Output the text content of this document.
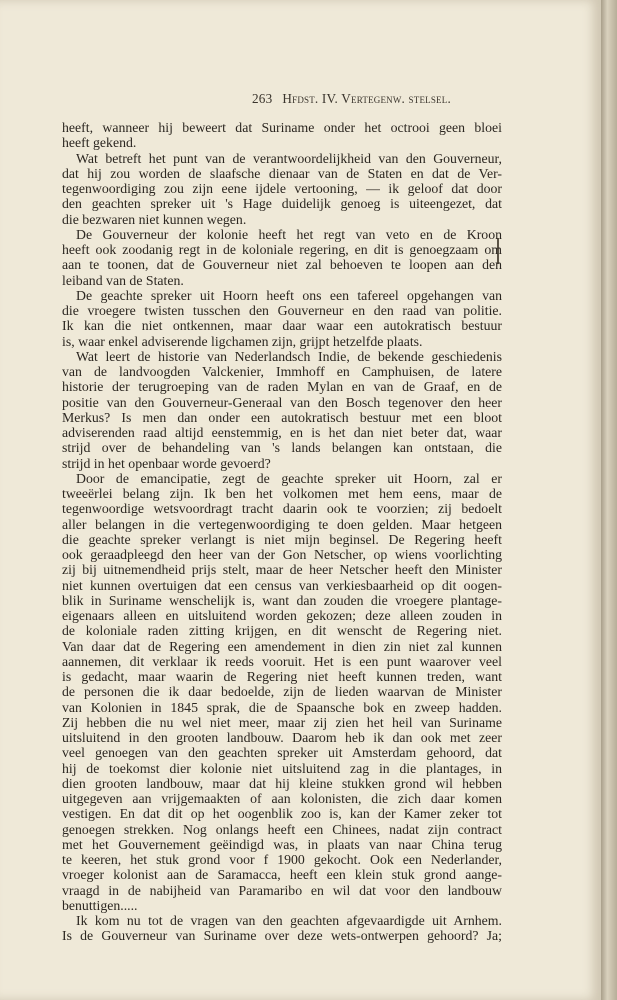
263 Hfdst. IV. Vertegenw. stelsel.
heeft, wanneer hij beweert dat Suriname onder het octrooi geen bloei
heeft gekend.
Wat betreft het punt van de verantwoordelijkheid van den Gouverneur,
dat hij zou worden de slaafsche dienaar van de Staten en dat de Ver-
tegenwoordiging zou zijn eene ijdele vertooning, — ik geloof dat door
den geachten spreker uit 's Hage duidelijk genoeg is uiteengezet, dat
die bezwaren niet kunnen wegen.
De Gouverneur der kolonie heeft het regt van veto en de Kroon
heeft ook zoodanig regt in de koloniale regering, en dit is genoegzaam om
aan te toonen, dat de Gouverneur niet zal behoeven te loopen aan den
leiband van de Staten.
De geachte spreker uit Hoorn heeft ons een tafereel opgehangen van
die vroegere twisten tusschen den Gouverneur en den raad van politie.
Ik kan die niet ontkennen, maar daar waar een autokratisch bestuur
is, waar enkel adviserende ligchamen zijn, grijpt hetzelfde plaats.
Wat leert de historie van Nederlandsch Indie, de bekende geschiedenis
van de landvoogden Valckenier, Immhoff en Camphuisen, de latere
historie der terugroeping van de raden Mylan en van de Graaf, en de
positie van den Gouverneur-Generaal van den Bosch tegenover den heer
Merkus? Is men dan onder een autokratisch bestuur met een bloot
adviserenden raad altijd eenstemmig, en is het dan niet beter dat, waar
strijd over de behandeling van 's lands belangen kan ontstaan, die
strijd in het openbaar worde gevoerd?
Door de emancipatie, zegt de geachte spreker uit Hoorn, zal er
tweeërlei belang zijn. Ik ben het volkomen met hem eens, maar de
tegenwoordige wetsvoordragt tracht daarin ook te voorzien; zij bedoelt
aller belangen in die vertegenwoordiging te doen gelden. Maar hetgeen
die geachte spreker verlangt is niet mijn beginsel. De Regering heeft
ook geraadpleegd den heer van der Gon Netscher, op wiens voorlichting
zij bij uitnemendheid prijs stelt, maar de heer Netscher heeft den Minister
niet kunnen overtuigen dat een census van verkiesbaarheid op dit oogen-
blik in Suriname wenschelijk is, want dan zouden die vroegere plantage-
eigenaars alleen en uitsluitend worden gekozen; deze alleen zouden in
de koloniale raden zitting krijgen, en dit wenscht de Regering niet.
Van daar dat de Regering een amendement in dien zin niet zal kunnen
aannemen, dit verklaar ik reeds vooruit. Het is een punt waarover veel
is gedacht, maar waarin de Regering niet heeft kunnen treden, want
de personen die ik daar bedoelde, zijn de lieden waarvan de Minister
van Kolonien in 1845 sprak, die de Spaansche bok en zweep hadden.
Zij hebben die nu wel niet meer, maar zij zien het heil van Suriname
uitsluitend in den grooten landbouw. Daarom heb ik dan ook met zeer
veel genoegen van den geachten spreker uit Amsterdam gehoord, dat
hij de toekomst dier kolonie niet uitsluitend zag in die plantages, in
dien grooten landbouw, maar dat hij kleine stukken grond wil hebben
uitgegeven aan vrijgemaakten of aan kolonisten, die zich daar komen
vestigen. En dat dit op het oogenblik zoo is, kan der Kamer zeker tot
genoegen strekken. Nog onlangs heeft een Chinees, nadat zijn contract
met het Gouvernement geëindigd was, in plaats van naar China terug
te keeren, het stuk grond voor f 1900 gekocht. Ook een Nederlander,
vroeger kolonist aan de Saramacca, heeft een klein stuk grond aange-
vraagd in de nabijheid van Paramaribo en wil dat voor den landbouw
benuttigen.....
Ik kom nu tot de vragen van den geachten afgevaardigde uit Arnhem.
Is de Gouverneur van Suriname over deze wets-ontwerpen gehoord? Ja;
